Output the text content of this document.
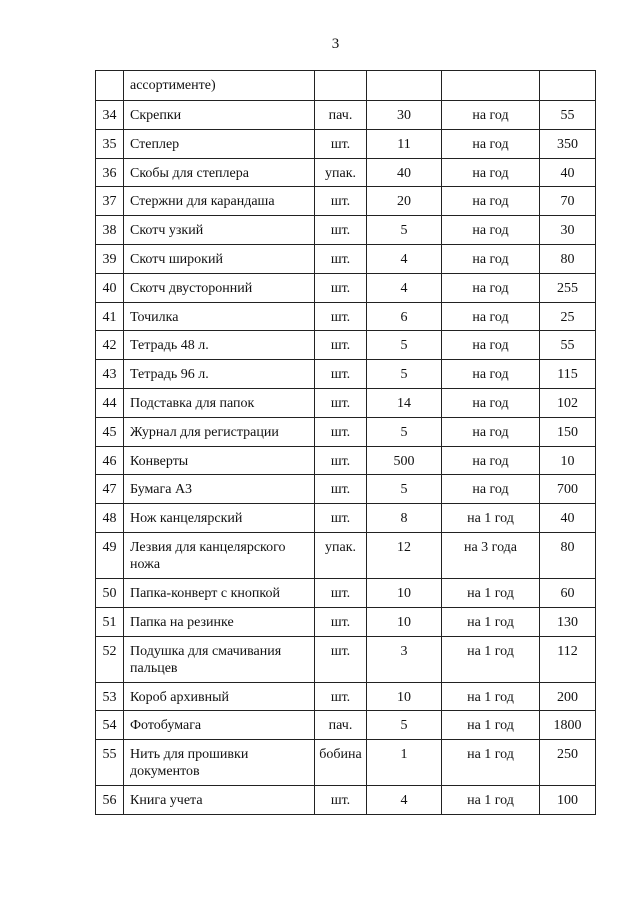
3
	ассортименте)				
34	Скрепки	пач.	30	на год	55
35	Степлер	шт.	11	на год	350
36	Скобы для степлера	упак.	40	на год	40
37	Стержни для карандаша	шт.	20	на год	70
38	Скотч узкий	шт.	5	на год	30
39	Скотч широкий	шт.	4	на год	80
40	Скотч двусторонний	шт.	4	на год	255
41	Точилка	шт.	6	на год	25
42	Тетрадь 48 л.	шт.	5	на год	55
43	Тетрадь 96 л.	шт.	5	на год	115
44	Подставка для папок	шт.	14	на год	102
45	Журнал для регистрации	шт.	5	на год	150
46	Конверты	шт.	500	на год	10
47	Бумага А3	шт.	5	на год	700
48	Нож канцелярский	шт.	8	на 1 год	40
49	Лезвия для канцелярского ножа	упак.	12	на 3 года	80
50	Папка-конверт с кнопкой	шт.	10	на 1 год	60
51	Папка на резинке	шт.	10	на 1 год	130
52	Подушка для смачивания пальцев	шт.	3	на 1 год	112
53	Короб архивный	шт.	10	на 1 год	200
54	Фотобумага	пач.	5	на 1 год	1800
55	Нить для прошивки документов	бобина	1	на 1 год	250
56	Книга учета	шт.	4	на 1 год	100
